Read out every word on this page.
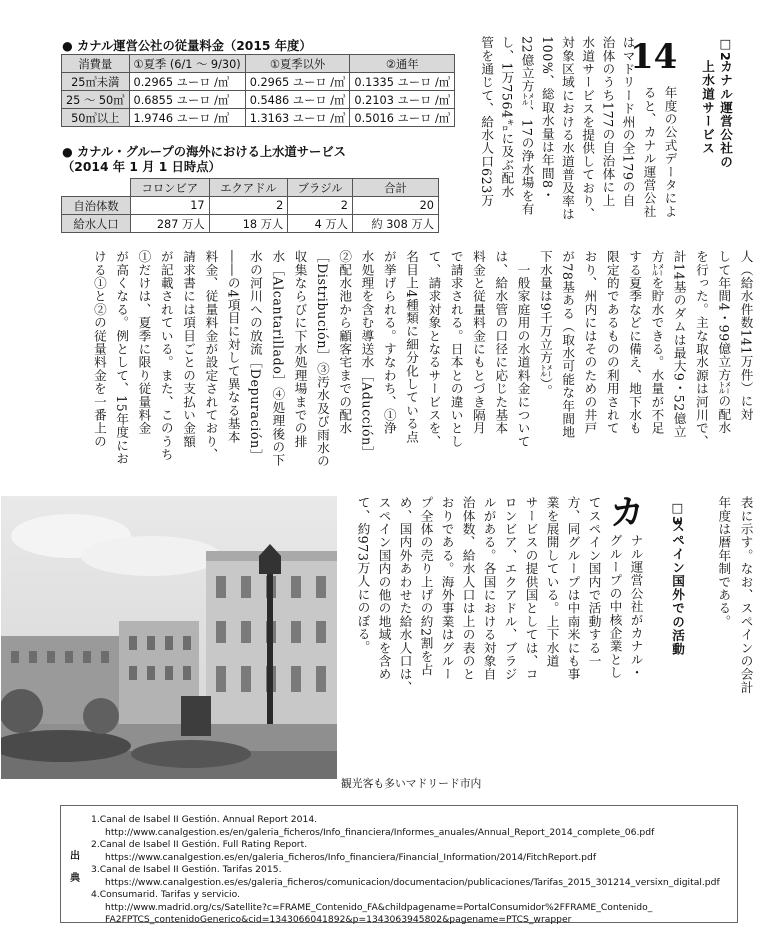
● カナル運営公社の従量料金（2015 年度）
消費量	①夏季 (6/1 ～ 9/30)	①夏季以外	②通年
25㎥未満	0.2965 ユーロ /㎥	0.2965 ユーロ /㎥	0.1335 ユーロ /㎥
25 ～ 50㎥	0.6855 ユーロ /㎥	0.5486 ユーロ /㎥	0.2103 ユーロ /㎥
50㎥以上	1.9746 ユーロ /㎥	1.3163 ユーロ /㎥	0.5016 ユーロ /㎥
● カナル・グループの海外における上水道サービス
（2014 年 1 月 1 日時点）
	コロンビア	エクアドル	ブラジル	合計
自治体数	17	2	2	20
給水人口	287 万人	18 万人	4 万人	約 308 万人
□2
カナル運営公社の
上水道サービス
14
年度の公式データによ
ると、カナル運営公社
はマドリード州の全179の自
治体のうち177の自治体に上
水道サービスを提供しており、
対象区域における水道普及率は
100%、総取水量は年間8・
22億立方㍍、17の浄水場を有
し、1万7564㌔に及ぶ配水
管を通じて、給水人口623万
人（給水件数141万件）に対
して年間4・99億立方㍍の配水
を行った。主な取水源は河川で、
計14基のダムは最大9・52億立
方㍍を貯水できる。水量が不足
する夏季などに備え、地下水も
限定的であるものの利用されて
おり、州内にはそのための井戸
が78基ある（取水可能な年間地
下水量は9千万立方㍍）。
　一般家庭用の水道料金について
は、給水管の口径に応じた基本
料金と従量料金にもとづき隔月
で請求される。日本との違いとし
て、請求対象となるサービスを、
名目上4種類に細分化している点
が挙げられる。すなわち、①浄
水処理を含む導送水［Aducción］
②配水池から顧客宅までの配水
［Distribución］③汚水及び雨水の
収集ならびに下水処理場までの排
水［Alcantarillado］④処理後の下
水の河川への放流［Depuración］
――の4項目に対して異なる基本
料金、従量料金が設定されており、
請求書には項目ごとの支払い金額
が記載されている。また、このうち
①だけは、夏季に限り従量料金
が高くなる。例として、15年度にお
ける①と②の従量料金を一番上の
表に示す。なお、スペインの会計
年度は暦年制である。
□3
スペイン国外での活動
カ
ナル運営公社がカナル・
グループの中核企業とし
てスペイン国内で活動する一
方、同グループは中南米にも事
業を展開している。上下水道
サービスの提供国としては、コ
ロンビア、エクアドル、ブラジ
ルがある。各国における対象自
治体数、給水人口は上の表のと
おりである。海外事業はグルー
プ全体の売り上げの約2割を占
め、国内外あわせた給水人口は、
スペイン国内の他の地域を含め
て、約973万人にのぼる。
観光客も多いマドリード市内
出
典
1.Canal de Isabel II Gestión. Annual Report 2014.
http://www.canalgestion.es/en/galeria_ficheros/Info_financiera/Informes_anuales/Annual_Report_2014_complete_06.pdf
2.Canal de Isabel II Gestión. Full Rating Report.
https://www.canalgestion.es/en/galeria_ficheros/Info_financiera/Financial_Information/2014/FitchReport.pdf
3.Canal de Isabel II Gestión. Tarifas 2015.
https://www.canalgestion.es/es/galeria_ficheros/comunicacion/documentacion/publicaciones/Tarifas_2015_301214_versixn_digital.pdf
4.Consumarid. Tarifas y servicio.
http://www.madrid.org/cs/Satellite?c=FRAME_Contenido_FA&childpagename=PortalConsumidor%2FFRAME_Contenido_
FA2FPTCS_contenidoGenerico&cid=1343066041892&p=1343063945802&pagename=PTCS_wrapper
